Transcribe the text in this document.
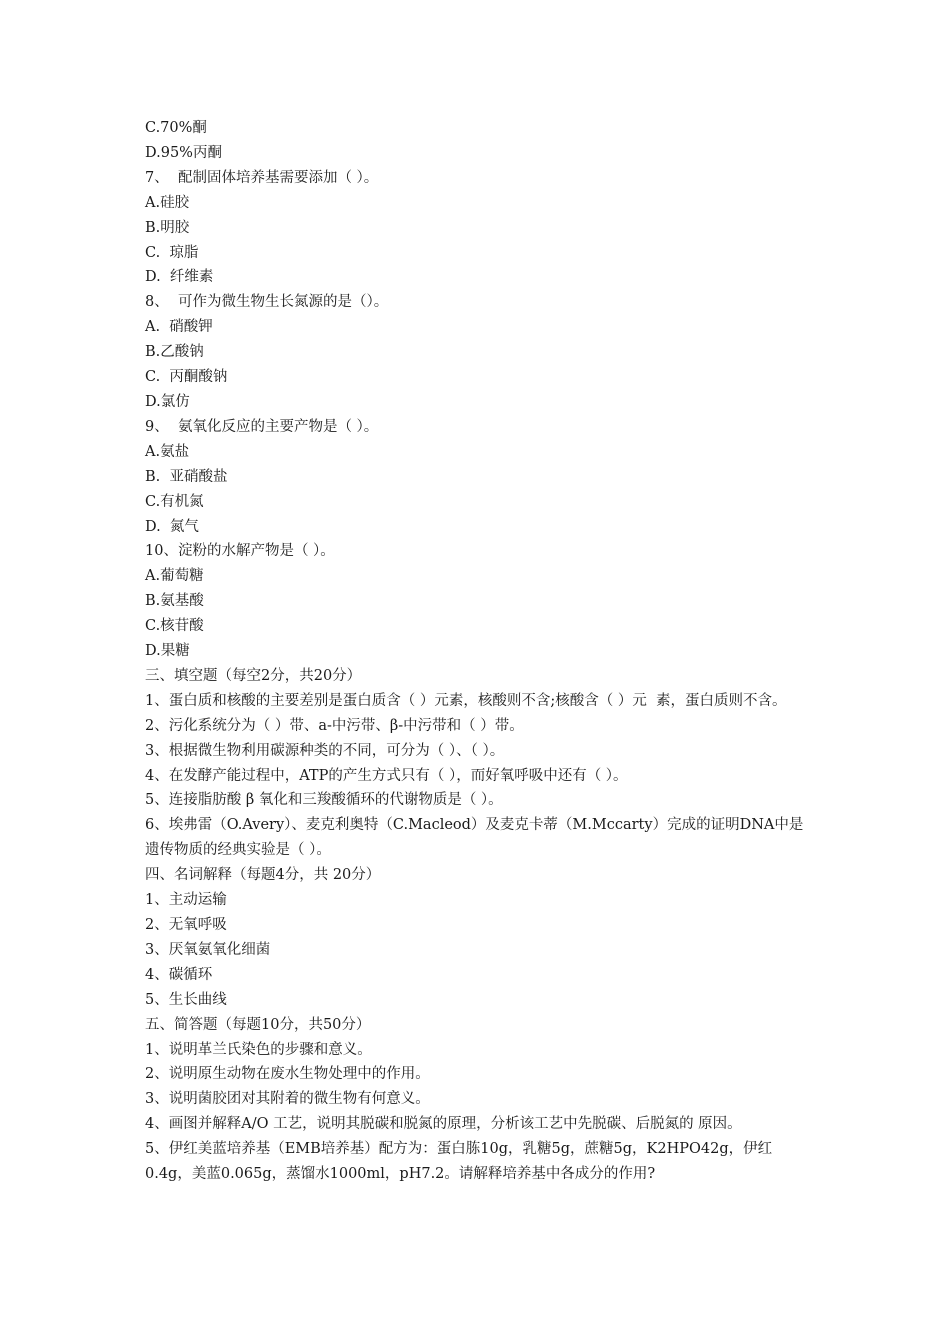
C.70%酮

D.95%丙酮

7、  配制固体培养基需要添加（ ）。

A.硅胶

B.明胶

C.  琼脂

D.  纤维素

8、  可作为微生物生长氮源的是（）。

A.  硝酸钾

B.乙酸钠

C.  丙酮酸钠

D.氯仿

9、  氨氧化反应的主要产物是（ ）。

A.氨盐

B.  亚硝酸盐

C.有机氮

D.  氮气

10、淀粉的水解产物是（ ）。

A.葡萄糖

B.氨基酸

C.核苷酸

D.果糖

三、填空题（每空2分，共20分）

1、蛋白质和核酸的主要差别是蛋白质含（ ）元素，核酸则不含;核酸含（ ）元  素，蛋白质则不含。

2、污化系统分为（ ）带、a-中污带、β-中污带和（ ）带。

3、根据微生物利用碳源种类的不同，可分为（ ）、（ ）。

4、在发酵产能过程中，ATP的产生方式只有（ ），而好氧呼吸中还有（ ）。

5、连接脂肪酸 β 氧化和三羧酸循环的代谢物质是（ ）。

6、埃弗雷（O.Avery）、麦克利奥特（C.Macleod）及麦克卡蒂（M.Mccarty）完成的证明DNA中是遗传物质的经典实验是（ ）。

四、名词解释（每题4分，共 20分）

1、主动运输

2、无氧呼吸

3、厌氧氨氧化细菌

4、碳循环

5、生长曲线

五、简答题（每题10分，共50分）

1、说明革兰氏染色的步骤和意义。

2、说明原生动物在废水生物处理中的作用。

3、说明菌胶团对其附着的微生物有何意义。

4、画图并解释A/O 工艺，说明其脱碳和脱氮的原理，分析该工艺中先脱碳、后脱氮的 原因。

5、伊红美蓝培养基（EMB培养基）配方为：蛋白胨10g，乳糖5g，蔗糖5g，K2HPO42g，伊红0.4g，美蓝0.065g，蒸馏水1000ml，pH7.2。请解释培养基中各成分的作用?
